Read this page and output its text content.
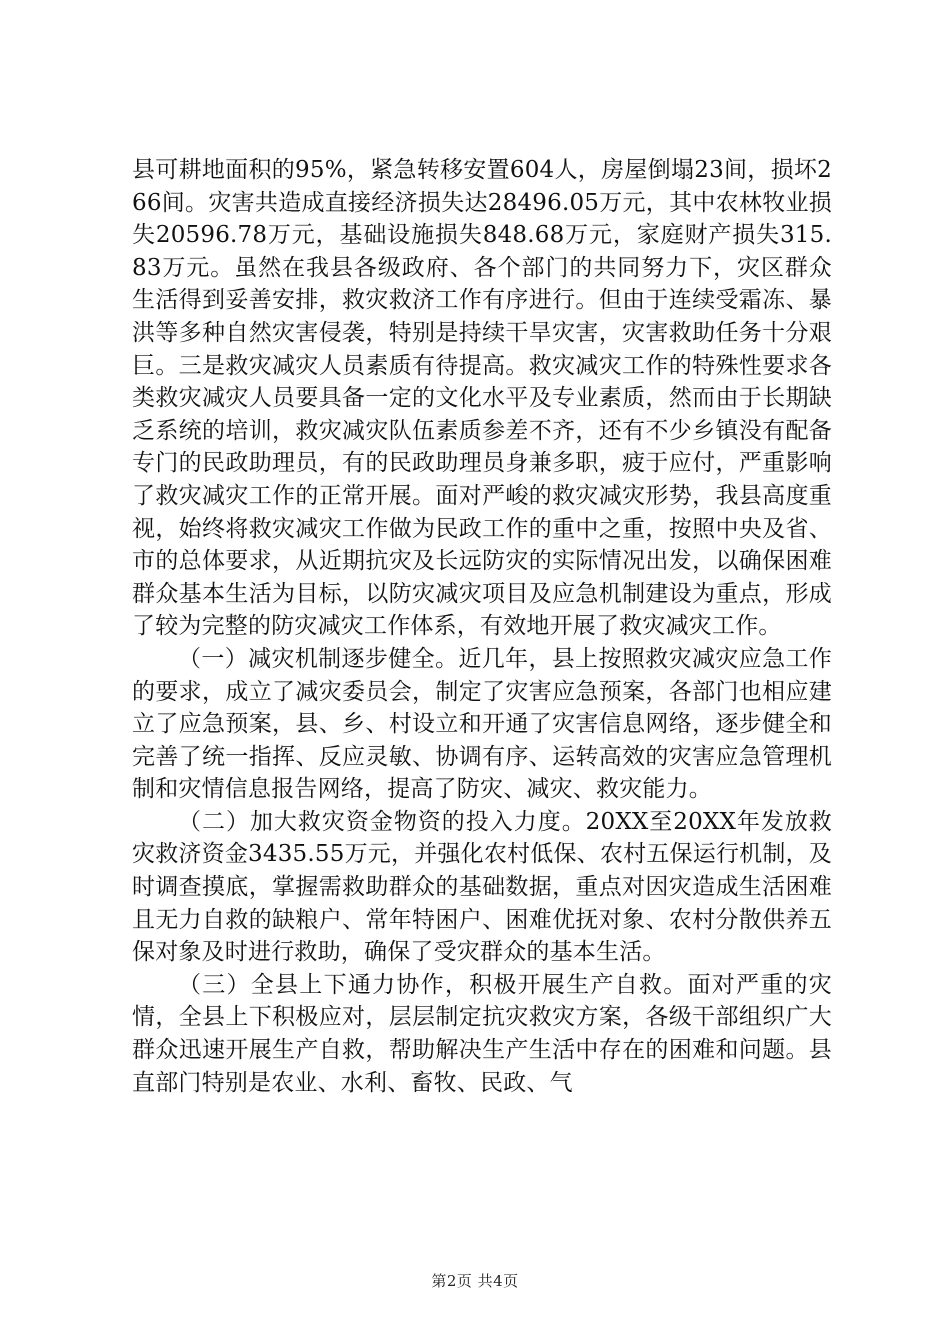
县可耕地面积的95%，紧急转移安置604人，房屋倒塌23间，损坏266间。灾害共造成直接经济损失达28496.05万元，其中农林牧业损失20596.78万元，基础设施损失848.68万元，家庭财产损失315.83万元。虽然在我县各级政府、各个部门的共同努力下，灾区群众生活得到妥善安排，救灾救济工作有序进行。但由于连续受霜冻、暴洪等多种自然灾害侵袭，特别是持续干旱灾害，灾害救助任务十分艰巨。三是救灾减灾人员素质有待提高。救灾减灾工作的特殊性要求各类救灾减灾人员要具备一定的文化水平及专业素质，然而由于长期缺乏系统的培训，救灾减灾队伍素质参差不齐，还有不少乡镇没有配备专门的民政助理员，有的民政助理员身兼多职，疲于应付，严重影响了救灾减灾工作的正常开展。面对严峻的救灾减灾形势，我县高度重视，始终将救灾减灾工作做为民政工作的重中之重，按照中央及省、市的总体要求，从近期抗灾及长远防灾的实际情况出发，以确保困难群众基本生活为目标，以防灾减灾项目及应急机制建设为重点，形成了较为完整的防灾减灾工作体系，有效地开展了救灾减灾工作。

（一）减灾机制逐步健全。近几年，县上按照救灾减灾应急工作的要求，成立了减灾委员会，制定了灾害应急预案，各部门也相应建立了应急预案，县、乡、村设立和开通了灾害信息网络，逐步健全和完善了统一指挥、反应灵敏、协调有序、运转高效的灾害应急管理机制和灾情信息报告网络，提高了防灾、减灾、救灾能力。

（二）加大救灾资金物资的投入力度。20XX至20XX年发放救灾救济资金3435.55万元，并强化农村低保、农村五保运行机制，及时调查摸底，掌握需救助群众的基础数据，重点对因灾造成生活困难且无力自救的缺粮户、常年特困户、困难优抚对象、农村分散供养五保对象及时进行救助，确保了受灾群众的基本生活。

（三）全县上下通力协作，积极开展生产自救。面对严重的灾情，全县上下积极应对，层层制定抗灾救灾方案，各级干部组织广大群众迅速开展生产自救，帮助解决生产生活中存在的困难和问题。县直部门特别是农业、水利、畜牧、民政、气

第2页 共4页
